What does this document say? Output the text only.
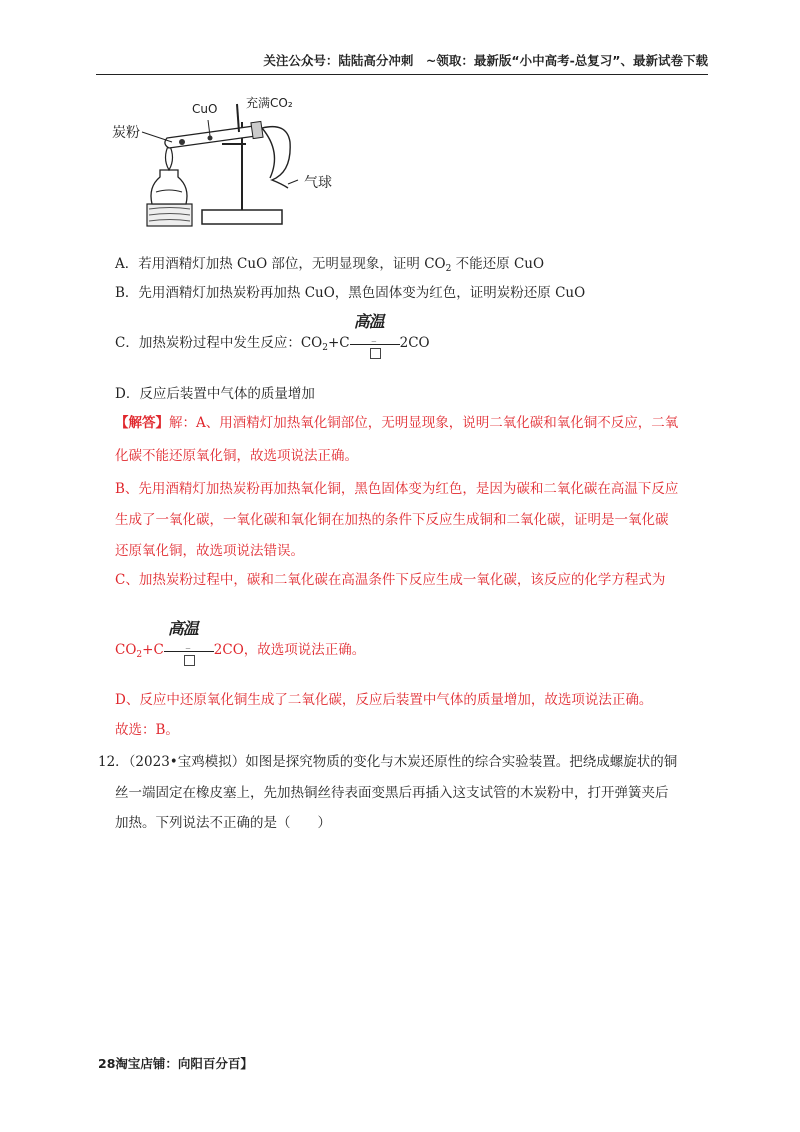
关注公众号：陆陆高分冲刺　~领取：最新版“小中高考-总复习”、最新试卷下载
炭粉
CuO 充满CO₂
气球
A．若用酒精灯加热 CuO 部位，无明显现象，证明 $CO_2$ 不能还原 CuO
B．先用酒精灯加热炭粉再加热 CuO，黑色固体变为红色，证明炭粉还原 CuO
C．加热炭粉过程中发生反应：$CO_2+C$
高温
‾ 2CO
D．反应后装置中气体的质量增加
【解答】解：A、用酒精灯加热氧化铜部位，无明显现象，说明二氧化碳和氧化铜不反应，二氧
化碳不能还原氧化铜，故选项说法正确。
B、先用酒精灯加热炭粉再加热氧化铜，黑色固体变为红色，是因为碳和二氧化碳在高温下反应
生成了一氧化碳，一氧化碳和氧化铜在加热的条件下反应生成铜和二氧化碳，证明是一氧化碳
还原氧化铜，故选项说法错误。
C、加热炭粉过程中，碳和二氧化碳在高温条件下反应生成一氧化碳，该反应的化学方程式为
$CO_2+C$
高温
‾ 2CO，故选项说法正确。
D、反应中还原氧化铜生成了二氧化碳，反应后装置中气体的质量增加，故选项说法正确。
故选：B。
12．（2023•宝鸡模拟）如图是探究物质的变化与木炭还原性的综合实验装置。把绕成螺旋状的铜
丝一端固定在橡皮塞上，先加热铜丝待表面变黑后再插入这支试管的木炭粉中，打开弹簧夹后
加热。下列说法不正确的是（　　）
28淘宝店铺：向阳百分百】
